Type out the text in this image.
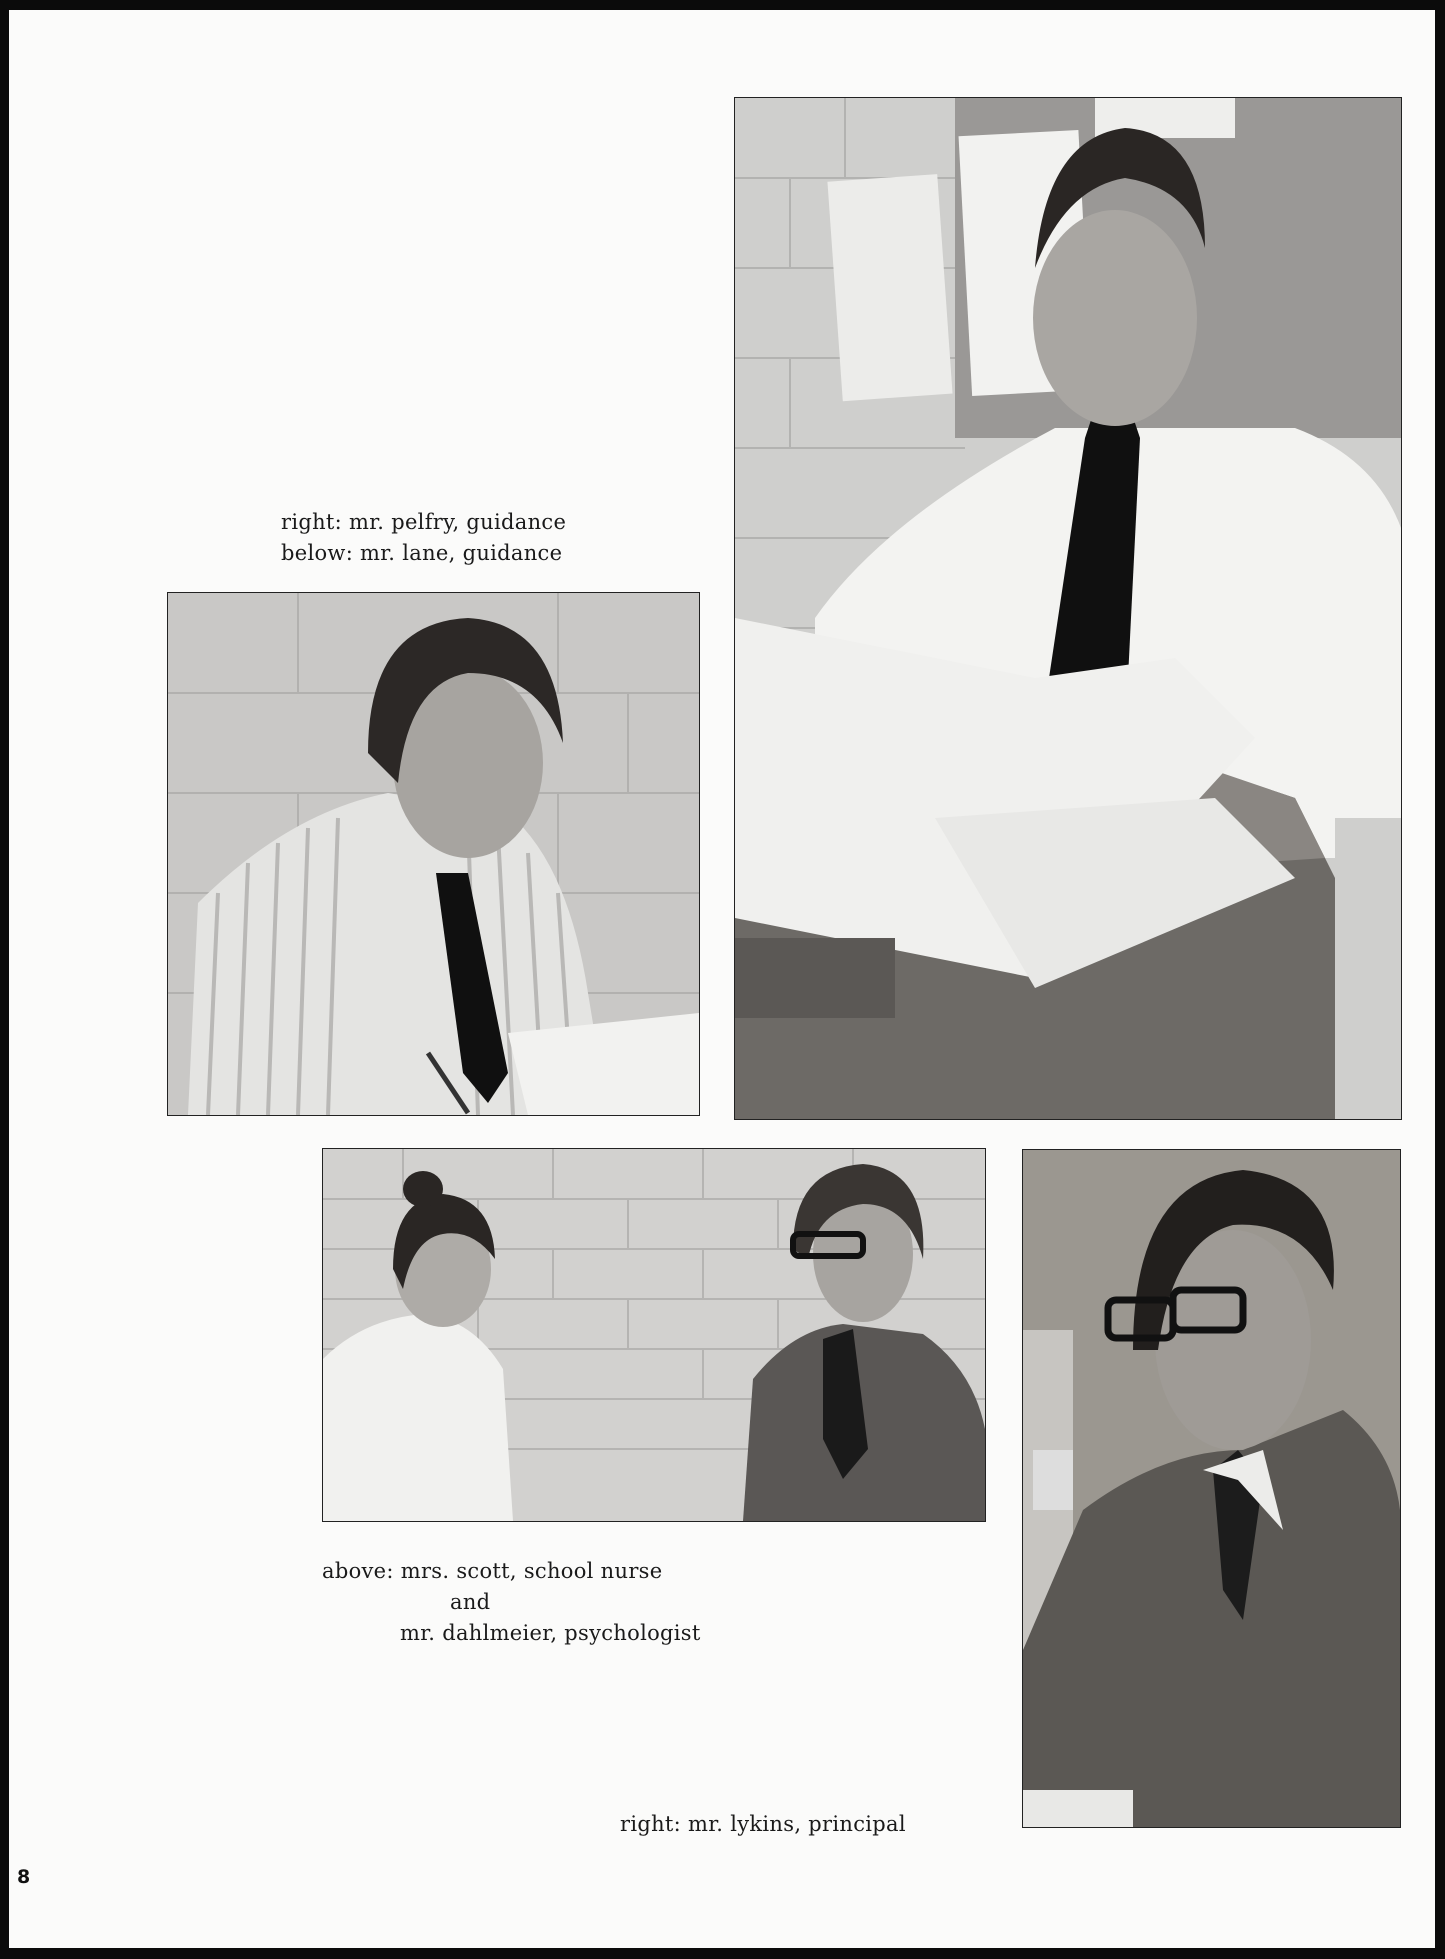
right: mr. pelfry, guidance
below: mr. lane, guidance
above: mrs. scott, school nurse
and
mr. dahlmeier, psychologist
right: mr. lykins, principal
8
